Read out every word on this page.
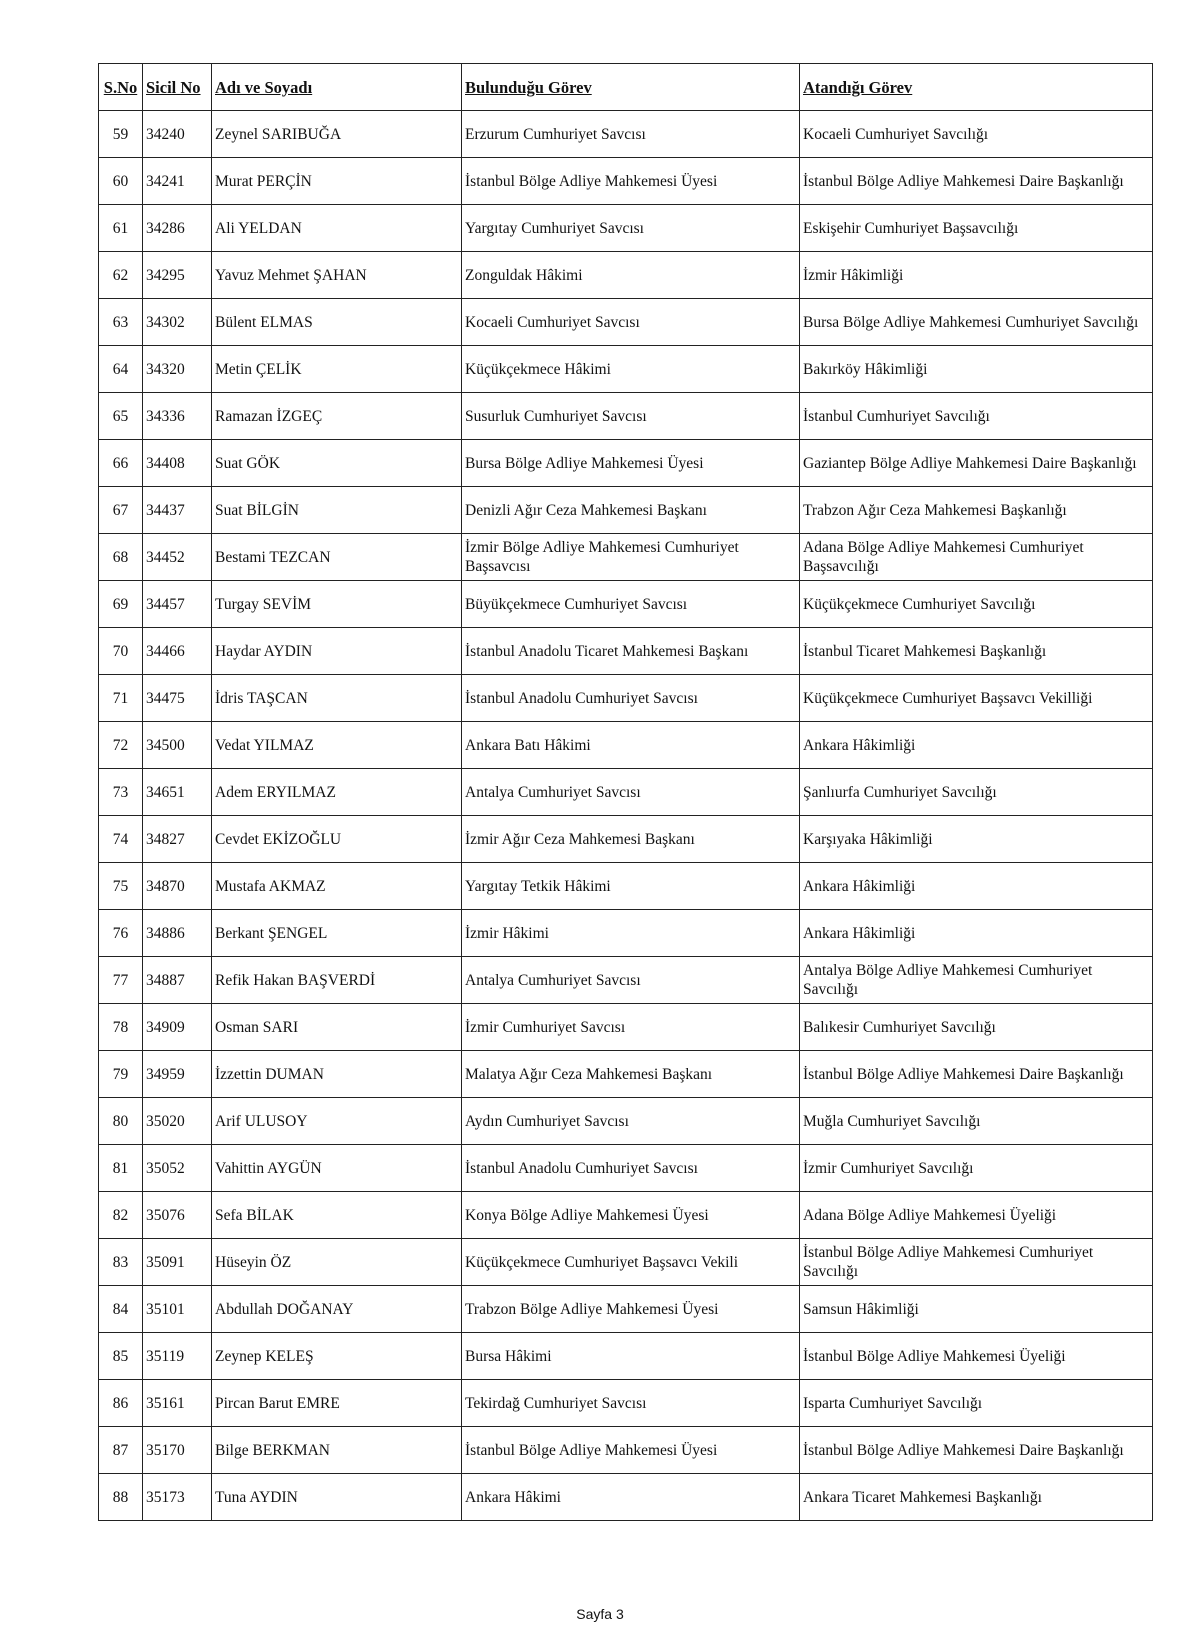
S.No	Sicil No	Adı ve Soyadı	Bulunduğu Görev	Atandığı Görev
59	34240	Zeynel SARIBUĞA	Erzurum Cumhuriyet Savcısı	Kocaeli Cumhuriyet Savcılığı
60	34241	Murat PERÇİN	İstanbul Bölge Adliye Mahkemesi Üyesi	İstanbul Bölge Adliye Mahkemesi Daire Başkanlığı
61	34286	Ali YELDAN	Yargıtay Cumhuriyet Savcısı	Eskişehir Cumhuriyet Başsavcılığı
62	34295	Yavuz Mehmet ŞAHAN	Zonguldak Hâkimi	İzmir Hâkimliği
63	34302	Bülent ELMAS	Kocaeli Cumhuriyet Savcısı	Bursa Bölge Adliye Mahkemesi Cumhuriyet Savcılığı
64	34320	Metin ÇELİK	Küçükçekmece Hâkimi	Bakırköy Hâkimliği
65	34336	Ramazan İZGEÇ	Susurluk Cumhuriyet Savcısı	İstanbul Cumhuriyet Savcılığı
66	34408	Suat GÖK	Bursa Bölge Adliye Mahkemesi Üyesi	Gaziantep Bölge Adliye Mahkemesi Daire Başkanlığı
67	34437	Suat BİLGİN	Denizli Ağır Ceza Mahkemesi Başkanı	Trabzon Ağır Ceza Mahkemesi Başkanlığı
68	34452	Bestami TEZCAN	İzmir Bölge Adliye Mahkemesi Cumhuriyet Başsavcısı	Adana Bölge Adliye Mahkemesi Cumhuriyet Başsavcılığı
69	34457	Turgay SEVİM	Büyükçekmece Cumhuriyet Savcısı	Küçükçekmece Cumhuriyet Savcılığı
70	34466	Haydar AYDIN	İstanbul Anadolu Ticaret Mahkemesi Başkanı	İstanbul Ticaret Mahkemesi Başkanlığı
71	34475	İdris TAŞCAN	İstanbul Anadolu Cumhuriyet Savcısı	Küçükçekmece Cumhuriyet Başsavcı Vekilliği
72	34500	Vedat YILMAZ	Ankara Batı Hâkimi	Ankara Hâkimliği
73	34651	Adem ERYILMAZ	Antalya Cumhuriyet Savcısı	Şanlıurfa Cumhuriyet Savcılığı
74	34827	Cevdet EKİZOĞLU	İzmir Ağır Ceza Mahkemesi Başkanı	Karşıyaka Hâkimliği
75	34870	Mustafa AKMAZ	Yargıtay Tetkik Hâkimi	Ankara Hâkimliği
76	34886	Berkant ŞENGEL	İzmir Hâkimi	Ankara Hâkimliği
77	34887	Refik Hakan BAŞVERDİ	Antalya Cumhuriyet Savcısı	Antalya Bölge Adliye Mahkemesi Cumhuriyet Savcılığı
78	34909	Osman SARI	İzmir Cumhuriyet Savcısı	Balıkesir Cumhuriyet Savcılığı
79	34959	İzzettin DUMAN	Malatya Ağır Ceza Mahkemesi Başkanı	İstanbul Bölge Adliye Mahkemesi Daire Başkanlığı
80	35020	Arif ULUSOY	Aydın Cumhuriyet Savcısı	Muğla Cumhuriyet Savcılığı
81	35052	Vahittin AYGÜN	İstanbul Anadolu Cumhuriyet Savcısı	İzmir Cumhuriyet Savcılığı
82	35076	Sefa BİLAK	Konya Bölge Adliye Mahkemesi Üyesi	Adana Bölge Adliye Mahkemesi Üyeliği
83	35091	Hüseyin ÖZ	Küçükçekmece Cumhuriyet Başsavcı Vekili	İstanbul Bölge Adliye Mahkemesi Cumhuriyet Savcılığı
84	35101	Abdullah DOĞANAY	Trabzon Bölge Adliye Mahkemesi Üyesi	Samsun Hâkimliği
85	35119	Zeynep KELEŞ	Bursa Hâkimi	İstanbul Bölge Adliye Mahkemesi Üyeliği
86	35161	Pircan Barut EMRE	Tekirdağ Cumhuriyet Savcısı	Isparta Cumhuriyet Savcılığı
87	35170	Bilge BERKMAN	İstanbul Bölge Adliye Mahkemesi Üyesi	İstanbul Bölge Adliye Mahkemesi Daire Başkanlığı
88	35173	Tuna AYDIN	Ankara Hâkimi	Ankara Ticaret Mahkemesi Başkanlığı
Sayfa 3
